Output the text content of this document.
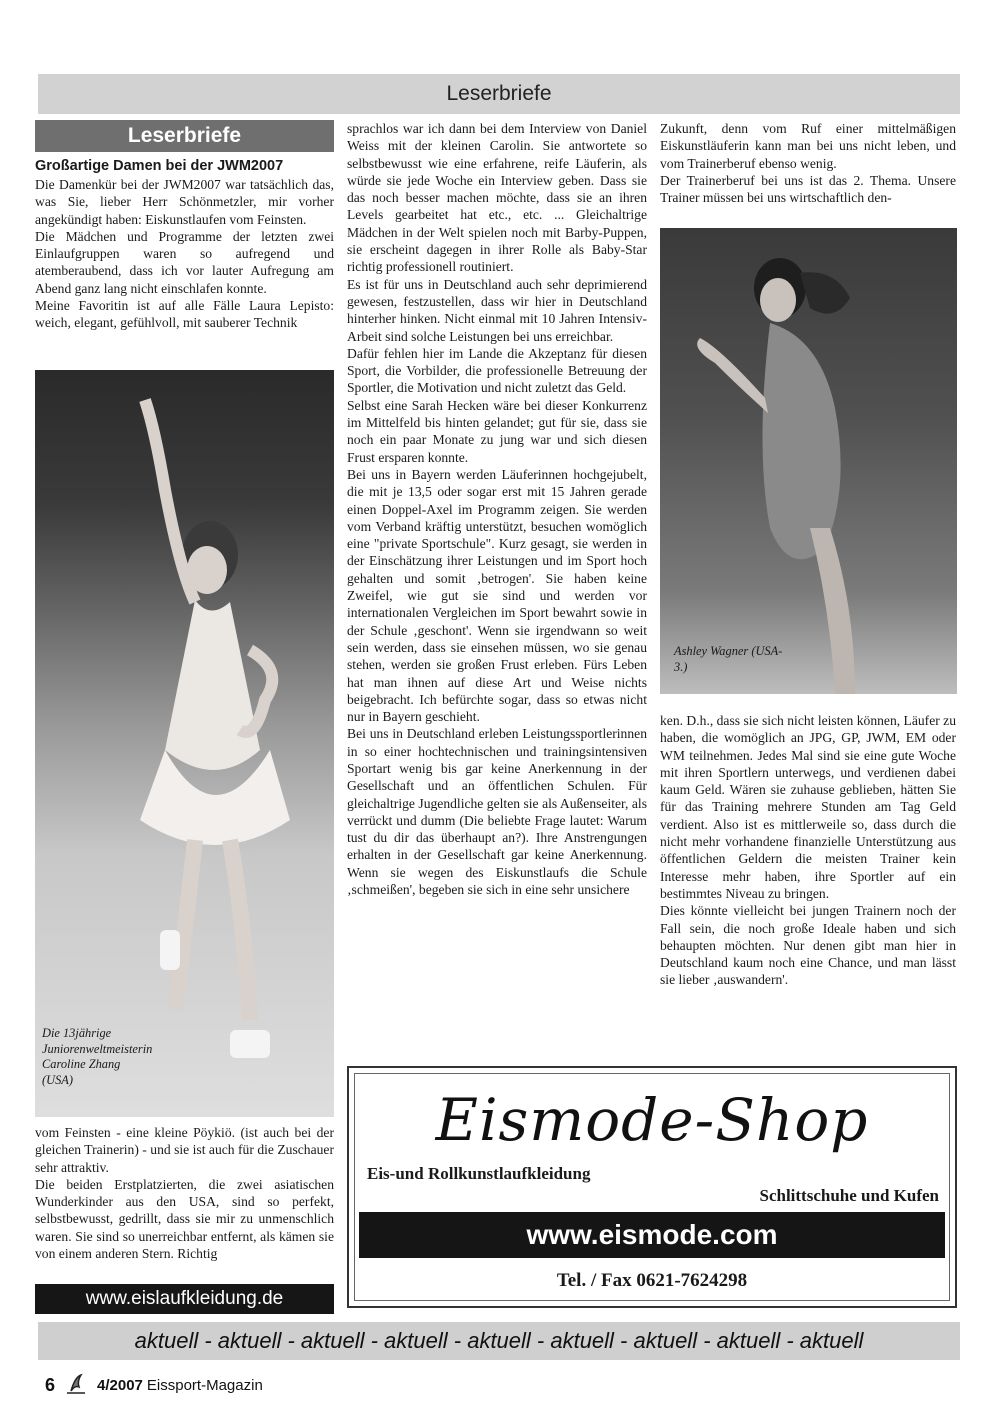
Leserbriefe
Leserbriefe
Großartige Damen bei der JWM2007

Die Damenkür bei der JWM2007 war tatsächlich das, was Sie, lieber Herr Schönmetzler, mir vorher angekündigt haben: Eiskunstlaufen vom Feinsten.

Die Mädchen und Programme der letzten zwei Einlaufgruppen waren so aufregend und atemberaubend, dass ich vor lauter Aufregung am Abend ganz lang nicht einschlafen konnte.

Meine Favoritin ist auf alle Fälle Laura Lepisto: weich, elegant, gefühlvoll, mit sauberer Technik

Die 13jährige Juniorenweltmeisterin Caroline Zhang (USA)

vom Feinsten - eine kleine Pöykiö. (ist auch bei der gleichen Trainerin) - und sie ist auch für die Zuschauer sehr attraktiv.

Die beiden Erstplatzierten, die zwei asiatischen Wunderkinder aus den USA, sind so perfekt, selbstbewusst, gedrillt, dass sie mir zu unmenschlich waren. Sie sind so unerreichbar entfernt, als kämen sie von einem anderen Stern. Richtig

www.eislaufkleidung.de

sprachlos war ich dann bei dem Interview von Daniel Weiss mit der kleinen Carolin. Sie antwortete so selbstbewusst wie eine erfahrene, reife Läuferin, als würde sie jede Woche ein Interview geben. Dass sie das noch besser machen möchte, dass sie an ihren Levels gearbeitet hat etc., etc. ... Gleichaltrige Mädchen in der Welt spielen noch mit Barby-Puppen, sie erscheint dagegen in ihrer Rolle als Baby-Star richtig professionell routiniert.

Es ist für uns in Deutschland auch sehr deprimierend gewesen, festzustellen, dass wir hier in Deutschland hinterher hinken. Nicht einmal mit 10 Jahren Intensiv-Arbeit sind solche Leistungen bei uns erreichbar.

Dafür fehlen hier im Lande die Akzeptanz für diesen Sport, die Vorbilder, die professionelle Betreuung der Sportler, die Motivation und nicht zuletzt das Geld.

Selbst eine Sarah Hecken wäre bei dieser Konkurrenz im Mittelfeld bis hinten gelandet; gut für sie, dass sie noch ein paar Monate zu jung war und sich diesen Frust ersparen konnte.

Bei uns in Bayern werden Läuferinnen hochgejubelt, die mit je 13,5 oder sogar erst mit 15 Jahren gerade einen Doppel-Axel im Programm zeigen. Sie werden vom Verband kräftig unterstützt, besuchen womöglich eine "private Sportschule". Kurz gesagt, sie werden in der Einschätzung ihrer Leistungen und im Sport hoch gehalten und somit ‚betrogen'. Sie haben keine Zweifel, wie gut sie sind und werden vor internationalen Vergleichen im Sport bewahrt sowie in der Schule ‚geschont'. Wenn sie irgendwann so weit sein werden, dass sie einsehen müssen, wo sie genau stehen, werden sie großen Frust erleben. Fürs Leben hat man ihnen auf diese Art und Weise nichts beigebracht. Ich befürchte sogar, dass so etwas nicht nur in Bayern geschieht.

Bei uns in Deutschland erleben Leistungssportlerinnen in so einer hochtechnischen und trainingsintensiven Sportart wenig bis gar keine Anerkennung in der Gesellschaft und an öffentlichen Schulen. Für gleichaltrige Jugendliche gelten sie als Außenseiter, als verrückt und dumm (Die beliebte Frage lautet: Warum tust du dir das überhaupt an?). Ihre Anstrengungen erhalten in der Gesellschaft gar keine Anerkennung. Wenn sie wegen des Eiskunstlaufs die Schule ‚schmeißen', begeben sie sich in eine sehr unsichere

Zukunft, denn vom Ruf einer mittelmäßigen Eiskunstläuferin kann man bei uns nicht leben, und vom Trainerberuf ebenso wenig.

Der Trainerberuf bei uns ist das 2. Thema. Unsere Trainer müssen bei uns wirtschaftlich den-

Ashley Wagner (USA-3.)

ken. D.h., dass sie sich nicht leisten können, Läufer zu haben, die womöglich an JPG, GP, JWM, EM oder WM teilnehmen. Jedes Mal sind sie eine gute Woche mit ihren Sportlern unterwegs, und verdienen dabei kaum Geld. Wären sie zuhause geblieben, hätten Sie für das Training mehrere Stunden am Tag Geld verdient. Also ist es mittlerweile so, dass durch die nicht mehr vorhandene finanzielle Unterstützung aus öffentlichen Geldern die meisten Trainer kein Interesse mehr haben, ihre Sportler auf ein bestimmtes Niveau zu bringen.

Dies könnte vielleicht bei jungen Trainern noch der Fall sein, die noch große Ideale haben und sich behaupten möchten. Nur denen gibt man hier in Deutschland kaum noch eine Chance, und man lässt sie lieber ‚auswandern'.

Eismode-Shop
Eis-und Rollkunstlaufkleidung
Schlittschuhe und Kufen
www.eismode.com
Tel. / Fax 0621-7624298
aktuell - aktuell - aktuell - aktuell - aktuell - aktuell - aktuell - aktuell - aktuell
6	4/2007 Eissport-Magazin
